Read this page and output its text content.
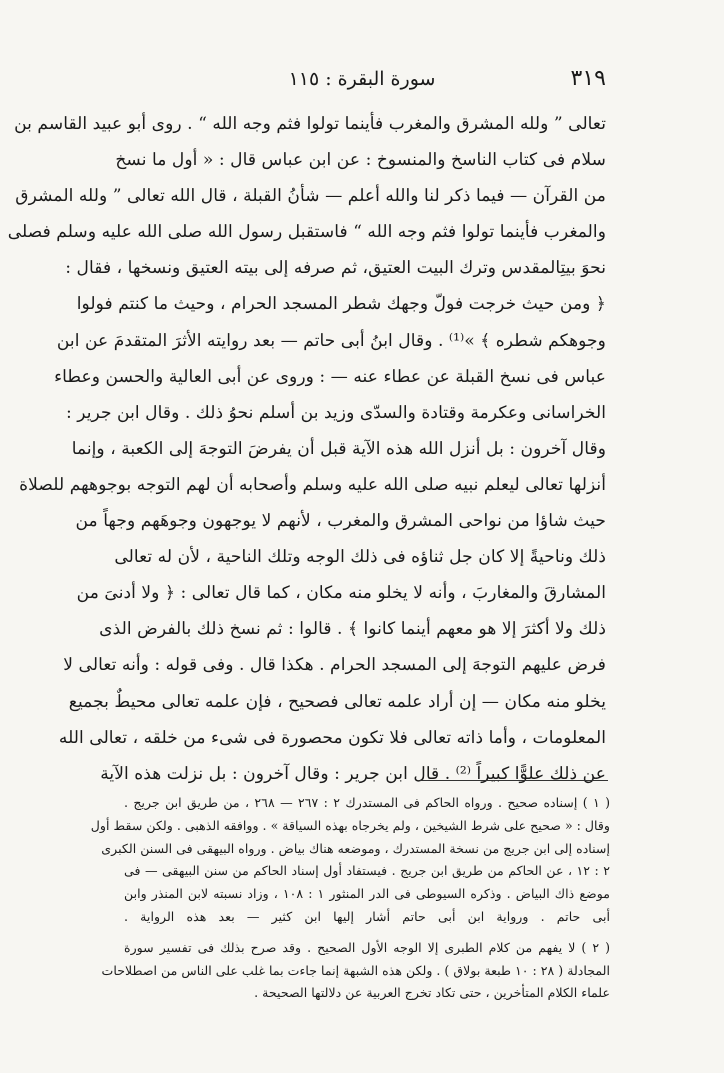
٣١٩
سورة البقرة : ١١٥
تعالى ” ولله المشرق والمغرب فأينما تولوا فثم وجه الله “ . روى أبو عبيد القاسم بن
سلام فى كتاب الناسخ والمنسوخ : عن ابن عباس قال : « أول ما نسخ
من القرآن — فيما ذكر لنا والله أعلم — شأنُ القبلة ، قال الله تعالى ” ولله المشرق
والمغرب فأينما تولوا فثم وجه الله “ فاستقبل رسول الله صلى الله عليه وسلم فصلى
نحوَ بيتِالمقدس وترك البيت العتيق، ثم صرفه إلى بيته العتيق ونسخها ، فقال :
﴿ ومن حيث خرجت فولّ وجهك شطر المسجد الحرام ، وحيث ما كنتم فولوا
وجوهكم شطره ﴾ »⁽¹⁾ . وقال ابنُ أبى حاتم — بعد روايته الأثرَ المتقدمَ عن ابن
عباس فى نسخ القبلة عن عطاء عنه — : وروى عن أبى العالية والحسن وعطاء
الخراسانى وعكرمة وقتادة والسدّى وزيد بن أسلم نحوُ ذلك . وقال ابن جرير :
وقال آخرون : بل أنزل الله هذه الآية قبل أن يفرضَ التوجهَ إلى الكعبة ، وإنما
أنزلها تعالى ليعلم نبيه صلى الله عليه وسلم وأصحابه أن لهم التوجه بوجوههم للصلاة
حيث شاؤا من نواحى المشرق والمغرب ، لأنهم لا يوجهون وجوهَهم وجهاً من
ذلك وناحيةً إلا كان جل ثناؤه فى ذلك الوجه وتلك الناحية ، لأن له تعالى
المشارقَ والمغاربَ ، وأنه لا يخلو منه مكان ، كما قال تعالى : ﴿ ولا أدنىَ من
ذلك ولا أكثرَ إلا هو معهم أينما كانوا ﴾ . قالوا : ثم نسخ ذلك بالفرض الذى
فرض عليهم التوجهَ إلى المسجد الحرام . هكذا قال . وفى قوله : وأنه تعالى لا
يخلو منه مكان — إن أراد علمه تعالى فصحيح ، فإن علمه تعالى محيطٌ بجميع
المعلومات ، وأما ذاته تعالى فلا تكون محصورة فى شىء من خلقه ، تعالى الله
عن ذلك علوًّا كبيراً ⁽²⁾ . قال ابن جرير : وقال آخرون : بل نزلت هذه الآية
( ١ ) إسناده صحيح . ورواه الحاكم فى المستدرك ٢ : ٢٦٧ — ٢٦٨ ، من طريق ابن جريج .
وقال : « صحيح على شرط الشيخين ، ولم يخرجاه بهذه السياقة » . ووافقه الذهبى . ولكن سقط أول
إسناده إلى ابن جريج من نسخة المستدرك ، وموضعه هناك بياض . ورواه البيهقى فى السنن الكبرى
٢ : ١٢ ، عن الحاكم من طريق ابن جريج . فيستفاد أول إسناد الحاكم من سنن البيهقى — فى
موضع ذاك البياض . وذكره السيوطى فى الدر المنثور ١ : ١٠٨ ، وزاد نسبته لابن المنذر وابن
أبى حاتم . ورواية ابن أبى حاتم أشار إليها ابن كثير — بعد هذه الرواية .
( ٢ ) لا يفهم من كلام الطبرى إلا الوجه الأول الصحيح . وقد صرح بذلك فى تفسير سورة
المجادلة ( ٢٨ : ١٠ طبعة بولاق ) . ولكن هذه الشبهة إنما جاءت بما غلب على الناس من اصطلاحات
علماء الكلام المتأخرين ، حتى تكاد تخرج العربية عن دلالتها الصحيحة .
